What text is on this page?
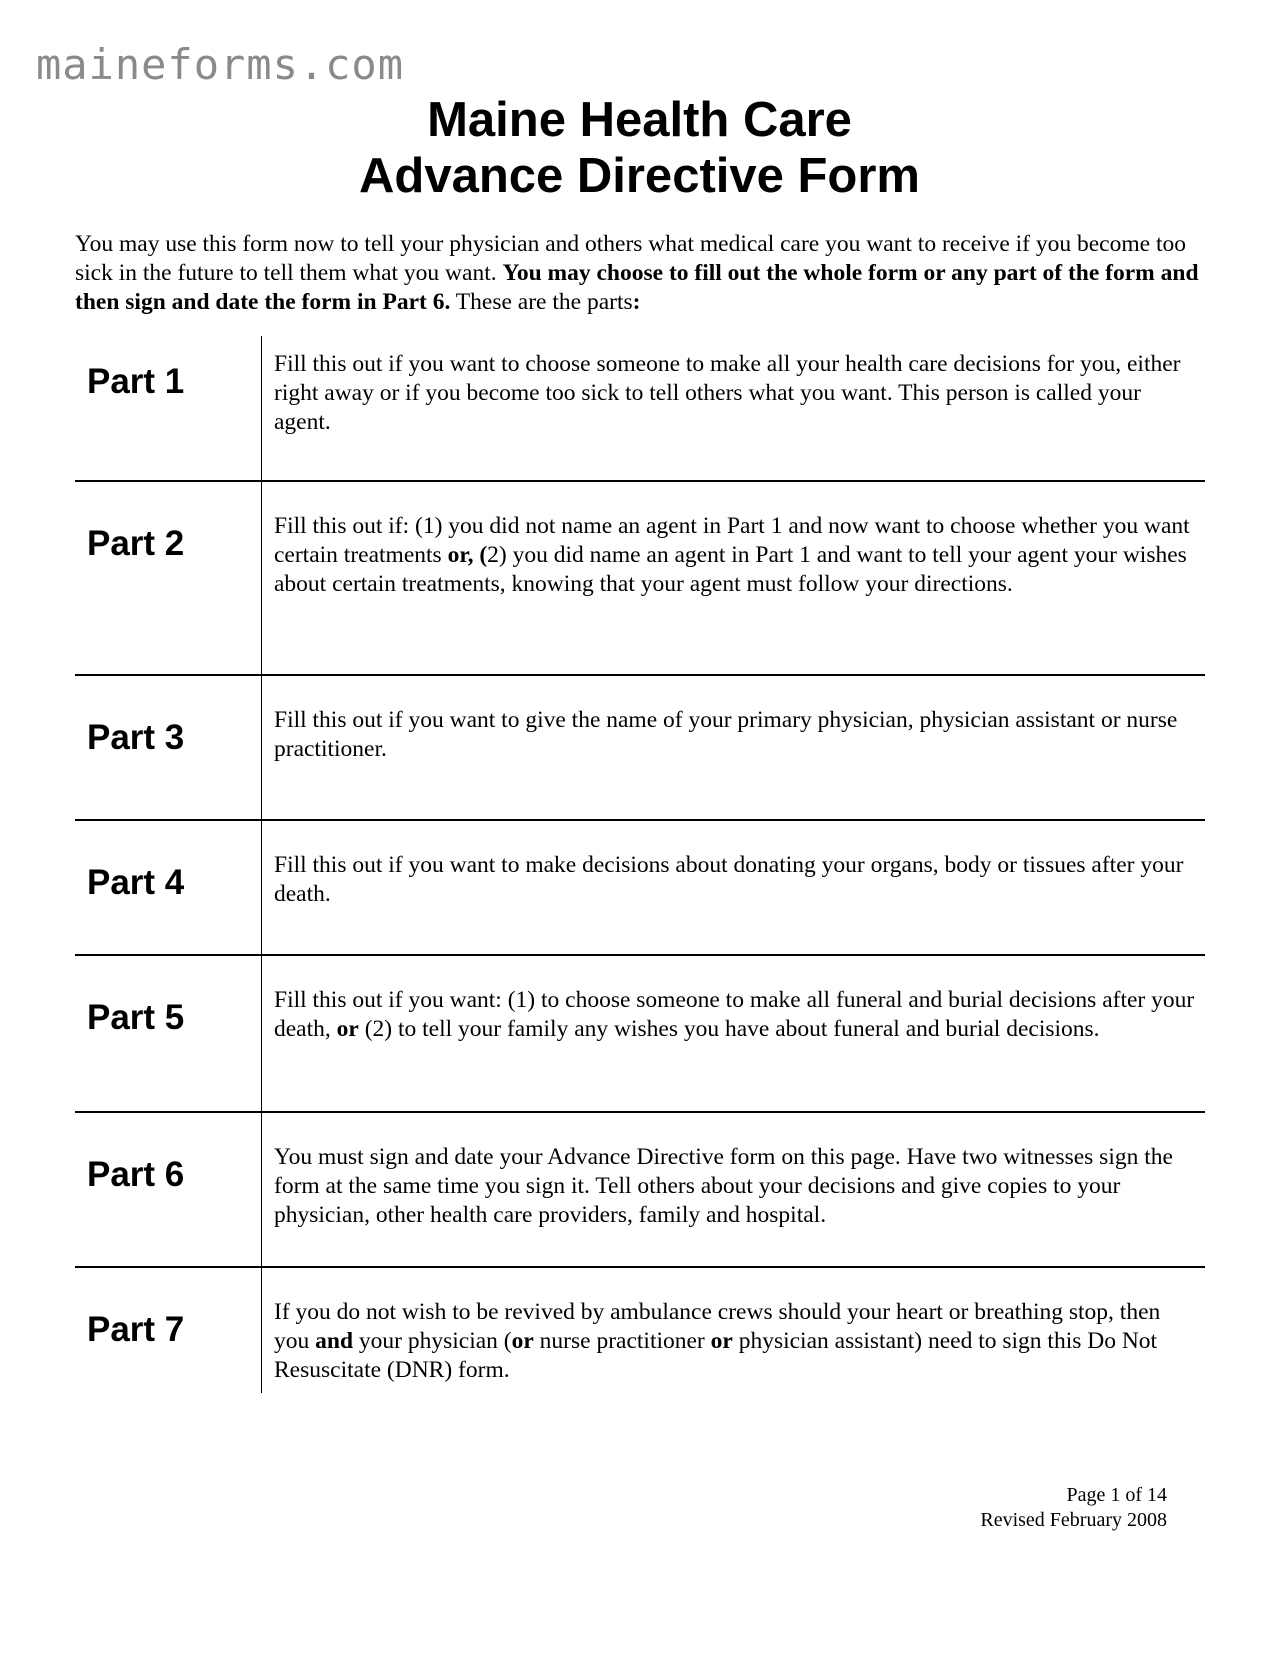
maineforms.com
Maine Health Care
Advance Directive Form
You may use this form now to tell your physician and others what medical care you want to receive if you become too sick in the future to tell them what you want. You may choose to fill out the whole form or any part of the form and then sign and date the form in Part 6. These are the parts:
Part 1	Fill this out if you want to choose someone to make all your health care decisions for you, either right away or if you become too sick to tell others what you want. This person is called your agent.
Part 2	Fill this out if: (1) you did not name an agent in Part 1 and now want to choose whether you want certain treatments or, (2) you did name an agent in Part 1 and want to tell your agent your wishes about certain treatments, knowing that your agent must follow your directions.
Part 3	Fill this out if you want to give the name of your primary physician, physician assistant or nurse practitioner.
Part 4	Fill this out if you want to make decisions about donating your organs, body or tissues after your death.
Part 5	Fill this out if you want: (1) to choose someone to make all funeral and burial decisions after your death, or (2) to tell your family any wishes you have about funeral and burial decisions.
Part 6	You must sign and date your Advance Directive form on this page. Have two witnesses sign the form at the same time you sign it. Tell others about your decisions and give copies to your physician, other health care providers, family and hospital.
Part 7	If you do not wish to be revived by ambulance crews should your heart or breathing stop, then you and your physician (or nurse practitioner or physician assistant) need to sign this Do Not Resuscitate (DNR) form.
Page 1 of 14
Revised February 2008
